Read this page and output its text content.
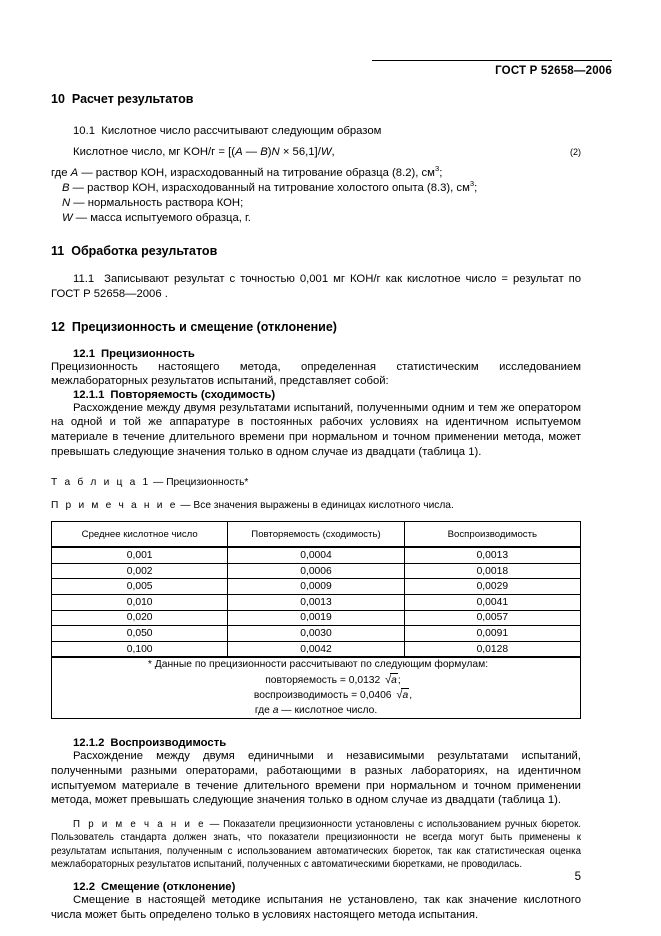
ГОСТ Р 52658—2006
10 Расчет результатов

10.1 Кислотное число рассчитывают следующим образом

Кислотное число, мг KOH/г = [(A — B)N × 56,1]/W,	(2)
где A — раствор КОН, израсходованный на титрование образца (8.2), $см^3$;
B — раствор КОН, израсходованный на титрование холостого опыта (8.3), $см^3$;
N — нормальность раствора КОН;
W — масса испытуемого образца, г.
11 Обработка результатов

11.1 Записывают результат с точностью 0,001 мг КОН/г как кислотное число = результат по ГОСТ Р 52658—2006 .

12 Прецизионность и смещение (отклонение)
12.1 Прецизионность

Прецизионность настоящего метода, определенная статистическим исследованием межлабораторных результатов испытаний, представляет собой:

12.1.1 Повторяемость (сходимость)

Расхождение между двумя результатами испытаний, полученными одним и тем же оператором на одной и той же аппаратуре в постоянных рабочих условиях на идентичном испытуемом материале в течение длительного времени при нормальном и точном применении метода, может превышать следующие значения только в одном случае из двадцати (таблица 1).

Т а б л и ц а 1 — Прецизионность*
П р и м е ч а н и е — Все значения выражены в единицах кислотного числа.
Среднее кислотное число	Повторяемость (сходимость)	Воспроизводимость
0,001	0,0004	0,0013
0,002	0,0006	0,0018
0,005	0,0009	0,0029
0,010	0,0013	0,0041
0,020	0,0019	0,0057
0,050	0,0030	0,0091
0,100	0,0042	0,0128

* Данные по прецизионности рассчитывают по следующим формулам:
повторяемость = 0,0132 √a;
воспроизводимость = 0,0406 √a,
где а — кислотное число.		
12.1.2 Воспроизводимость

Расхождение между двумя единичными и независимыми результатами испытаний, полученными разными операторами, работающими в разных лабораториях, на идентичном испытуемом материале в течение длительного времени при нормальном и точном применении метода, может превышать следующие значения только в одном случае из двадцати (таблица 1).

П р и м е ч а н и е — Показатели прецизионности установлены с использованием ручных бюреток. Пользователь стандарта должен знать, что показатели прецизионности не всегда могут быть применены к результатам испытания, полученным с использованием автоматических бюреток, так как статистическая оценка межлабораторных результатов испытаний, полученных с автоматическими бюретками, не проводилась.

12.2 Смещение (отклонение)

Смещение в настоящей методике испытания не установлено, так как значение кислотного числа может быть определено только в условиях настоящего метода испытания.

5
